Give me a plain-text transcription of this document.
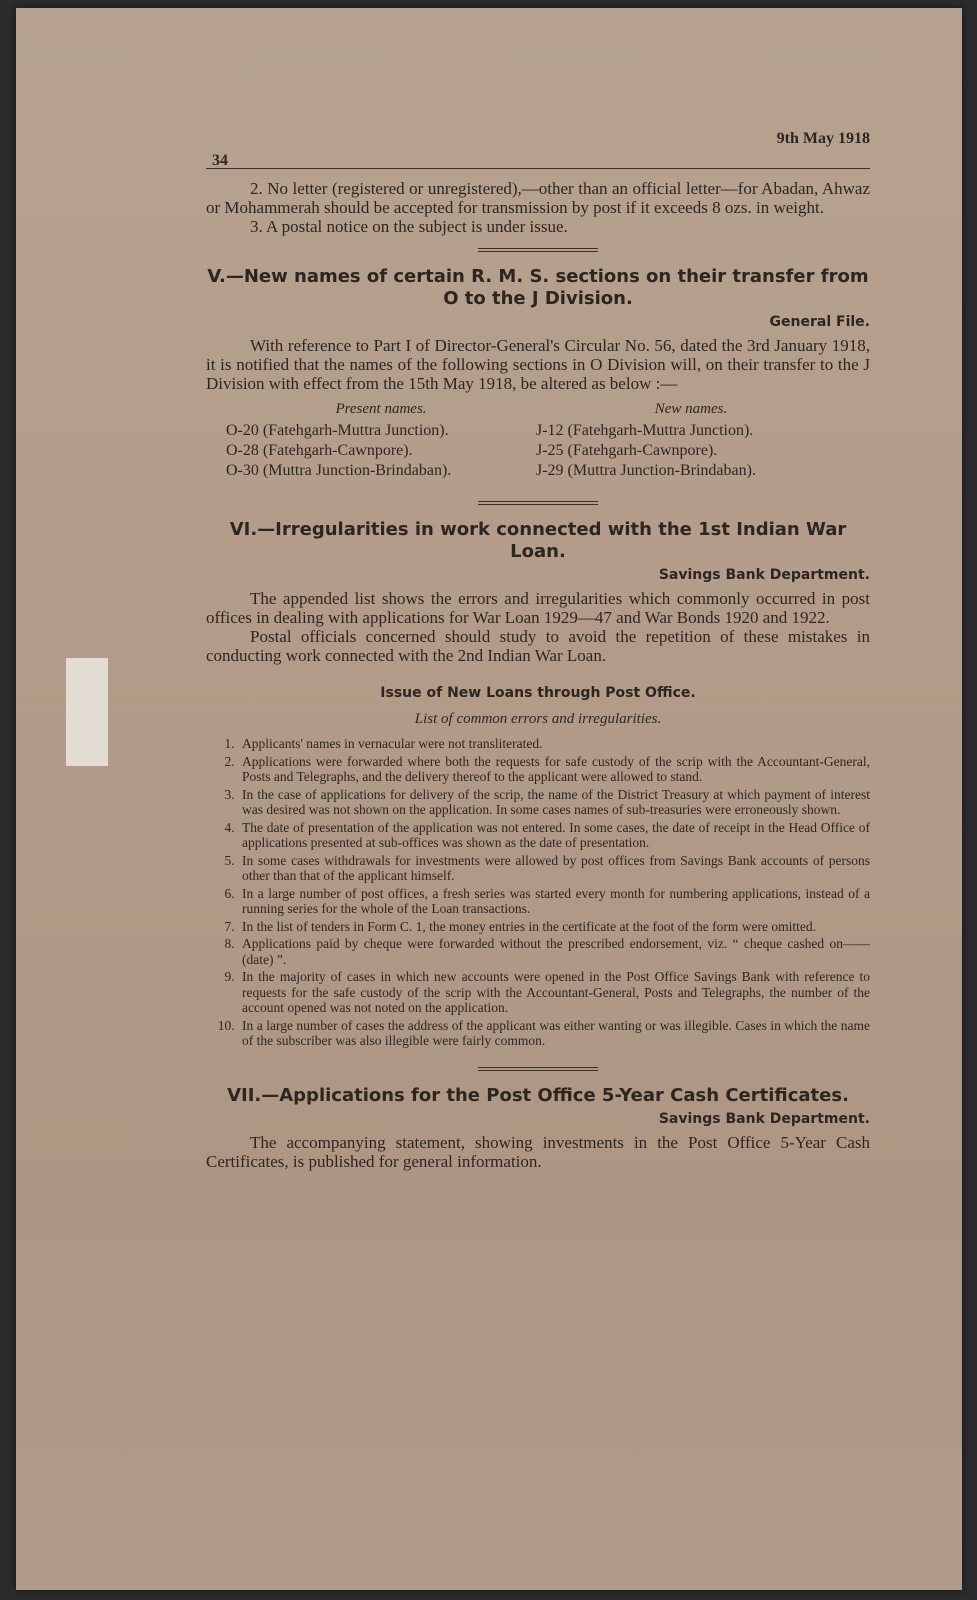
34
9th May 1918

2. No letter (registered or unregistered),—other than an official letter—for Abadan, Ahwaz or Mohammerah should be accepted for transmission by post if it exceeds 8 ozs. in weight.

3. A postal notice on the subject is under issue.

V.—New names of certain R. M. S. sections on their transfer from O to the J Division.
General File.

With reference to Part I of Director-General's Circular No. 56, dated the 3rd January 1918, it is notified that the names of the following sections in O Division will, on their transfer to the J Division with effect from the 15th May 1918, be altered as below :—

Present names.
O-20 (Fatehgarh-Muttra Junction).
O-28 (Fatehgarh-Cawnpore).
O-30 (Muttra Junction-Brindaban).
New names.
J-12 (Fatehgarh-Muttra Junction).
J-25 (Fatehgarh-Cawnpore).
J-29 (Muttra Junction-Brindaban).
VI.—Irregularities in work connected with the 1st Indian War Loan.
Savings Bank Department.

The appended list shows the errors and irregularities which commonly occurred in post offices in dealing with applications for War Loan 1929—47 and War Bonds 1920 and 1922.

Postal officials concerned should study to avoid the repetition of these mistakes in conducting work connected with the 2nd Indian War Loan.

Issue of New Loans through Post Office.
List of common errors and irregularities.
1. Applicants' names in vernacular were not transliterated.
2. Applications were forwarded where both the requests for safe custody of the scrip with the Accountant-General, Posts and Telegraphs, and the delivery thereof to the applicant were allowed to stand.
3. In the case of applications for delivery of the scrip, the name of the District Treasury at which payment of interest was desired was not shown on the application. In some cases names of sub-treasuries were erroneously shown.
4. The date of presentation of the application was not entered. In some cases, the date of receipt in the Head Office of applications presented at sub-offices was shown as the date of presentation.
5. In some cases withdrawals for investments were allowed by post offices from Savings Bank accounts of persons other than that of the applicant himself.
6. In a large number of post offices, a fresh series was started every month for numbering applications, instead of a running series for the whole of the Loan transactions.
7. In the list of tenders in Form C. 1, the money entries in the certificate at the foot of the form were omitted.
8. Applications paid by cheque were forwarded without the prescribed endorsement, viz. “ cheque cashed on——(date) ”.
9. In the majority of cases in which new accounts were opened in the Post Office Savings Bank with reference to requests for the safe custody of the scrip with the Accountant-General, Posts and Telegraphs, the number of the account opened was not noted on the application.
10. In a large number of cases the address of the applicant was either wanting or was illegible. Cases in which the name of the subscriber was also illegible were fairly common.
VII.—Applications for the Post Office 5-Year Cash Certificates.
Savings Bank Department.

The accompanying statement, showing investments in the Post Office 5-Year Cash Certificates, is published for general information.
